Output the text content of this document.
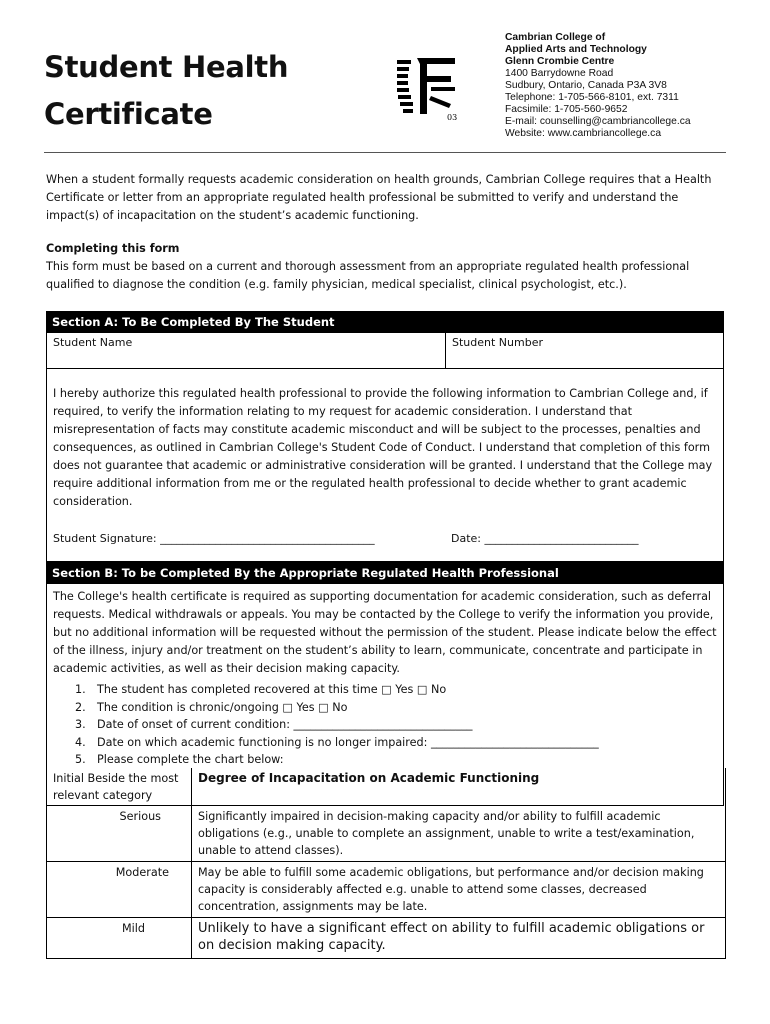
Student Health
Certificate	03
Cambrian College of
Applied Arts and Technology
Glenn Crombie Centre
1400 Barrydowne Road
Sudbury, Ontario, Canada P3A 3V8
Telephone: 1-705-566-8101, ext. 7311
Facsimile: 1-705-560-9652
E-mail: counselling@cambriancollege.ca
Website: www.cambriancollege.ca
When a student formally requests academic consideration on health grounds, Cambrian College requires that a Health Certificate or letter from an appropriate regulated health professional be submitted to verify and understand the impact(s) of incapacitation on the student’s academic functioning.
Completing this form
This form must be based on a current and thorough assessment from an appropriate regulated health professional qualified to diagnose the condition (e.g. family physician, medical specialist, clinical psychologist, etc.).
Section A: To Be Completed By The Student
Student Name	Student Number
I hereby authorize this regulated health professional to provide the following information to Cambrian College and, if required, to verify the information relating to my request for academic consideration. I understand that misrepresentation of facts may constitute academic misconduct and will be subject to the processes, penalties and consequences, as outlined in Cambrian College's Student Code of Conduct. I understand that completion of this form does not guarantee that academic or administrative consideration will be granted. I understand that the College may require additional information from me or the regulated health professional to decide whether to grant academic consideration.
Student Signature: _______________________________________	Date: ____________________________
Section B: To be Completed By the Appropriate Regulated Health Professional
The College's health certificate is required as supporting documentation for academic consideration, such as deferral requests. Medical withdrawals or appeals. You may be contacted by the College to verify the information you provide, but no additional information will be requested without the permission of the student. Please indicate below the effect of the illness, injury and/or treatment on the student’s ability to learn, communicate, concentrate and participate in academic activities, as well as their decision making capacity.
1. The student has completed recovered at this time □ Yes □ No
2. The condition is chronic/ongoing □ Yes □ No
3. Date of onset of current condition: ________________________________
4. Date on which academic functioning is no longer impaired: ______________________________
5. Please complete the chart below:
Initial Beside the most relevant category	Degree of Incapacitation on Academic Functioning
Serious	Significantly impaired in decision-making capacity and/or ability to fulfill academic obligations (e.g., unable to complete an assignment, unable to write a test/examination, unable to attend classes).
Moderate	May be able to fulfill some academic obligations, but performance and/or decision making capacity is considerably affected e.g. unable to attend some classes, decreased concentration, assignments may be late.
Mild	Unlikely to have a significant effect on ability to fulfill academic obligations or on decision making capacity.
